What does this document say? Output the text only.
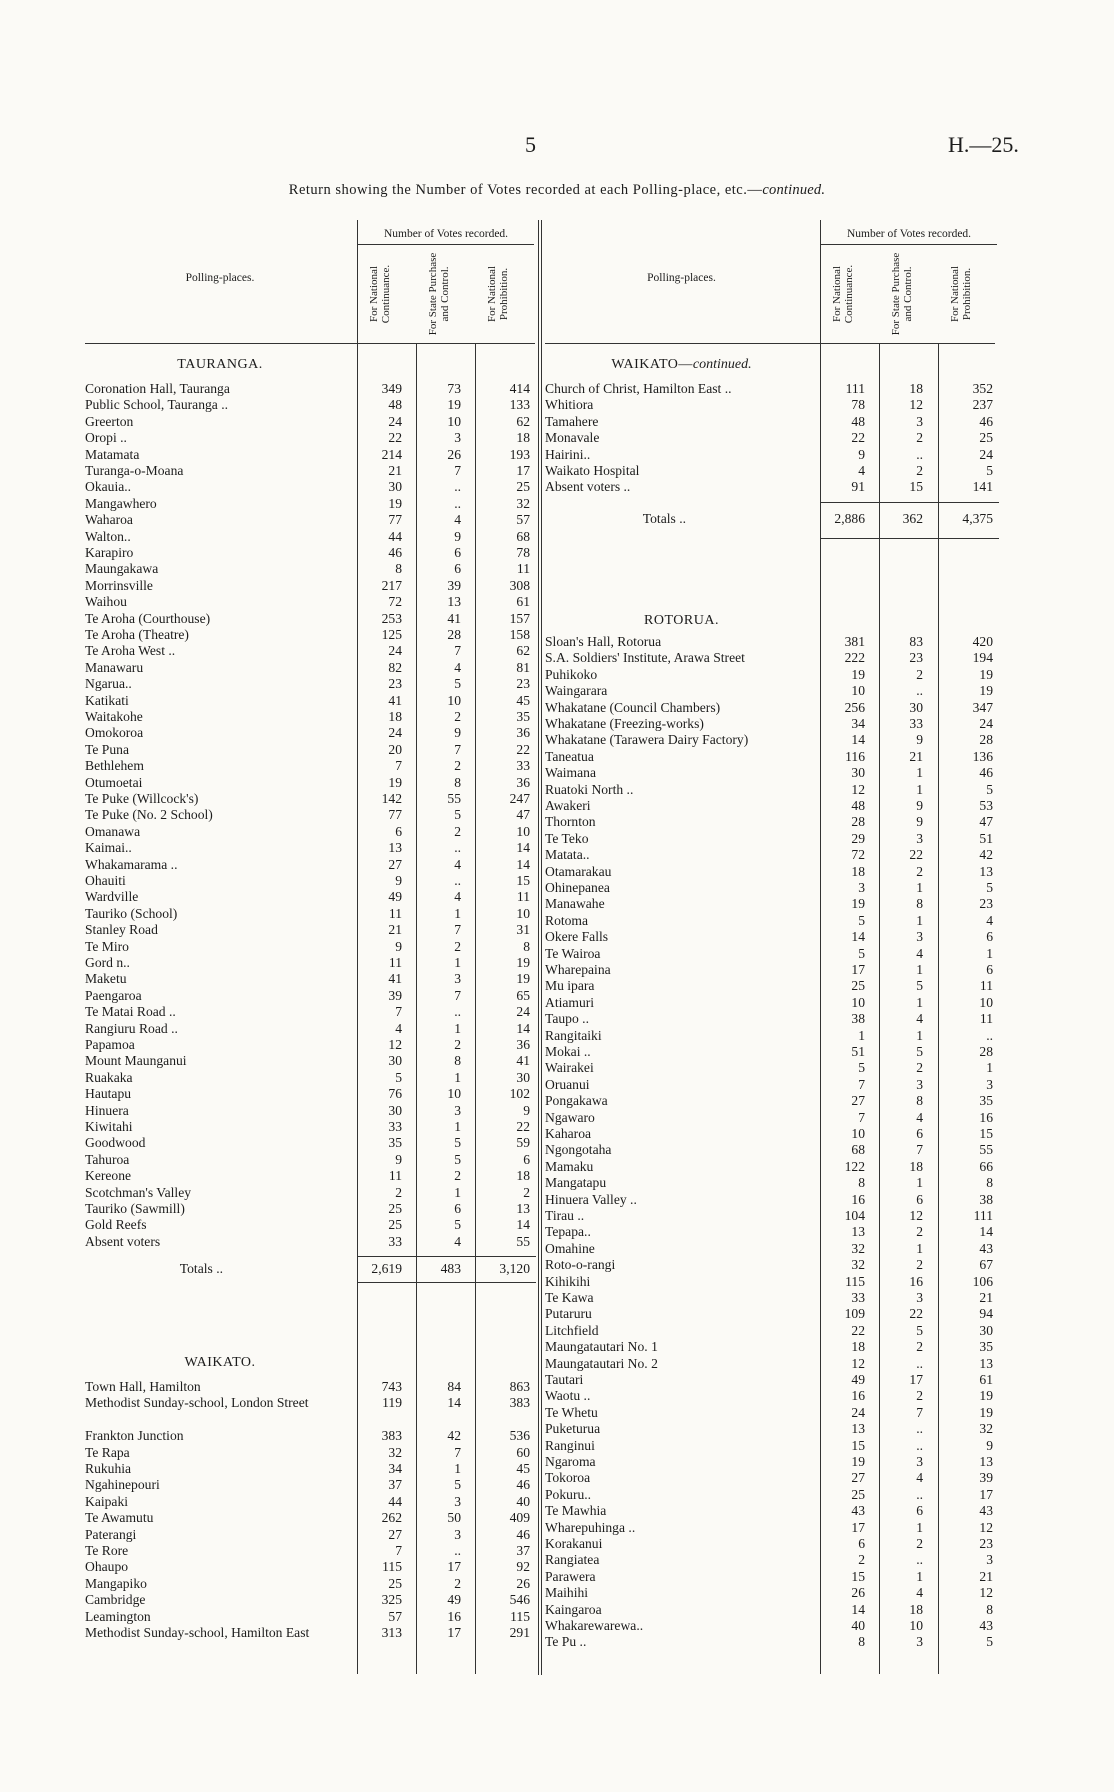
5	H.—25.
Return showing the Number of Votes recorded at each Polling-place, etc.—continued.
Polling-places.
Number of Votes recorded.
For National Continuance.	For State Purchase and Control.	For National Prohibition.	Polling-places.
Number of Votes recorded.
For National Continuance.	For State Purchase and Control.	For National Prohibition.
TAURANGA.
WAIKATO.
WAIKATO—continued.
ROTORUA.
Coronation Hall, Tauranga	349	73	414
Public School, Tauranga ..	48	19	133
Greerton	24	10	62
Oropi ..	22	3	18
Matamata	214	26	193
Turanga-o-Moana	21	7	17
Okauia..	30	..	25
Mangawhero	19	..	32
Waharoa	77	4	57
Walton..	44	9	68
Karapiro	46	6	78
Maungakawa	8	6	11
Morrinsville	217	39	308
Waihou	72	13	61
Te Aroha (Courthouse)	253	41	157
Te Aroha (Theatre)	125	28	158
Te Aroha West ..	24	7	62
Manawaru	82	4	81
Ngarua..	23	5	23
Katikati	41	10	45
Waitakohe	18	2	35
Omokoroa	24	9	36
Te Puna	20	7	22
Bethlehem	7	2	33
Otumoetai	19	8	36
Te Puke (Willcock's)	142	55	247
Te Puke (No. 2 School)	77	5	47
Omanawa	6	2	10
Kaimai..	13	..	14
Whakamarama ..	27	4	14
Ohauiti	9	..	15
Wardville	49	4	11
Tauriko (School)	11	1	10
Stanley Road	21	7	31
Te Miro	9	2	8
Gord n..	11	1	19
Maketu	41	3	19
Paengaroa	39	7	65
Te Matai Road ..	7	..	24
Rangiuru Road ..	4	1	14
Papamoa	12	2	36
Mount Maunganui	30	8	41
Ruakaka	5	1	30
Hautapu	76	10	102
Hinuera	30	3	9
Kiwitahi	33	1	22
Goodwood	35	5	59
Tahuroa	9	5	6
Kereone	11	2	18
Scotchman's Valley	2	1	2
Tauriko (Sawmill)	25	6	13
Gold Reefs	25	5	14
Absent voters	33	4	55
Totals ..	2,619	483	3,120
Town Hall, Hamilton	743	84	863
Methodist Sunday-school, London Street	119	14	383
Frankton Junction	383	42	536
Te Rapa	32	7	60
Rukuhia	34	1	45
Ngahinepouri	37	5	46
Kaipaki	44	3	40
Te Awamutu	262	50	409
Paterangi	27	3	46
Te Rore	7	..	37
Ohaupo	115	17	92
Mangapiko	25	2	26
Cambridge	325	49	546
Leamington	57	16	115
Methodist Sunday-school, Hamilton East	313	17	291
Church of Christ, Hamilton East ..	111	18	352
Whitiora	78	12	237
Tamahere	48	3	46
Monavale	22	2	25
Hairini..	9	..	24
Waikato Hospital	4	2	5
Absent voters ..	91	15	141
Totals ..	2,886	362	4,375
Sloan's Hall, Rotorua	381	83	420
S.A. Soldiers' Institute, Arawa Street	222	23	194
Puhikoko	19	2	19
Waingarara	10	..	19
Whakatane (Council Chambers)	256	30	347
Whakatane (Freezing-works)	34	33	24
Whakatane (Tarawera Dairy Factory)	14	9	28
Taneatua	116	21	136
Waimana	30	1	46
Ruatoki North ..	12	1	5
Awakeri	48	9	53
Thornton	28	9	47
Te Teko	29	3	51
Matata..	72	22	42
Otamarakau	18	2	13
Ohinepanea	3	1	5
Manawahe	19	8	23
Rotoma	5	1	4
Okere Falls	14	3	6
Te Wairoa	5	4	1
Wharepaina	17	1	6
Mu ipara	25	5	11
Atiamuri	10	1	10
Taupo ..	38	4	11
Rangitaiki	1	1	..
Mokai ..	51	5	28
Wairakei	5	2	1
Oruanui	7	3	3
Pongakawa	27	8	35
Ngawaro	7	4	16
Kaharoa	10	6	15
Ngongotaha	68	7	55
Mamaku	122	18	66
Mangatapu	8	1	8
Hinuera Valley ..	16	6	38
Tirau ..	104	12	111
Tepapa..	13	2	14
Omahine	32	1	43
Roto-o-rangi	32	2	67
Kihikihi	115	16	106
Te Kawa	33	3	21
Putaruru	109	22	94
Litchfield	22	5	30
Maungatautari No. 1	18	2	35
Maungatautari No. 2	12	..	13
Tautari	49	17	61
Waotu ..	16	2	19
Te Whetu	24	7	19
Puketurua	13	..	32
Ranginui	15	..	9
Ngaroma	19	3	13
Tokoroa	27	4	39
Pokuru..	25	..	17
Te Mawhia	43	6	43
Wharepuhinga ..	17	1	12
Korakanui	6	2	23
Rangiatea	2	..	3
Parawera	15	1	21
Maihihi	26	4	12
Kaingaroa	14	18	8
Whakarewarewa..	40	10	43
Te Pu ..	8	3	5
